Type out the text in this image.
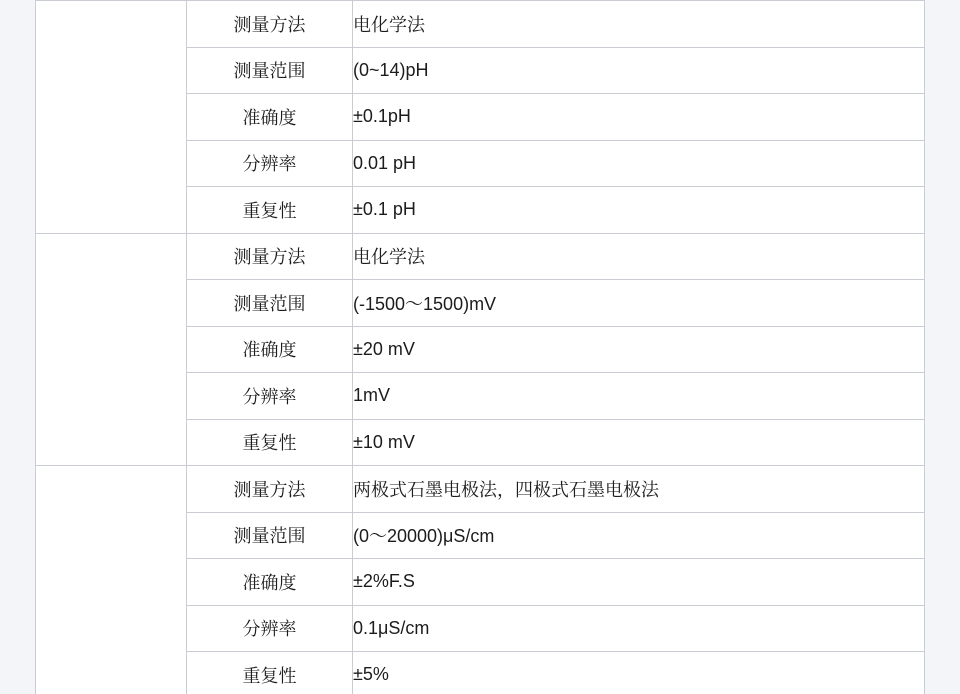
温度	测量方法	电化学法
	测量范围	(0~14)pH
	准确度	±0.1pH
	分辨率	0.01 pH
	重复性	±0.1 pH
ORP	测量方法	电化学法
	测量范围	(-1500～1500)mV
	准确度	±20 mV
	分辨率	1mV
	重复性	±10 mV
电导率	测量方法	两极式石墨电极法，四极式石墨电极法
	测量范围	(0～20000)μS/cm
	准确度	±2%F.S
	分辨率	0.1μS/cm
	重复性	±5%
